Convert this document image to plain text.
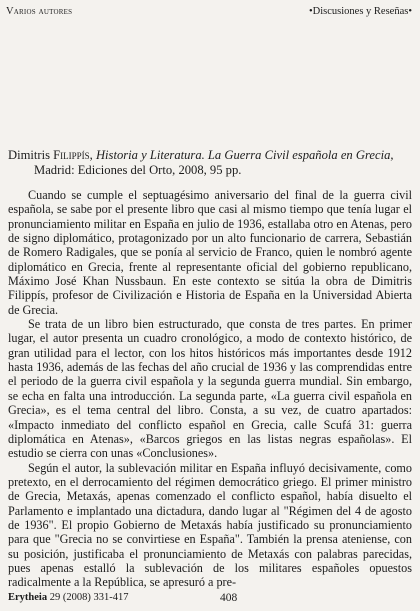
Varios autores	•Discusiones y Reseñas•
Dimitris Filippís, Historia y Literatura. La Guerra Civil española en Grecia,
Madrid: Ediciones del Orto, 2008, 95 pp.

Cuando se cumple el septuagésimo aniversario del final de la guerra civil española, se sabe por el presente libro que casi al mismo tiempo que tenía lugar el pronunciamiento militar en España en julio de 1936, estallaba otro en Atenas, pero de signo diplomático, protagonizado por un alto funcionario de carrera, Sebastián de Romero Radigales, que se ponía al servicio de Franco, quien le nombró agente diplomático en Grecia, frente al representante oficial del gobierno republicano, Máximo José Khan Nussbaun. En este contexto se sitúa la obra de Dimitris Filippís, profesor de Civilización e Historia de España en la Universidad Abierta de Grecia.

Se trata de un libro bien estructurado, que consta de tres partes. En primer lugar, el autor presenta un cuadro cronológico, a modo de contexto histórico, de gran utilidad para el lector, con los hitos históricos más importantes desde 1912 hasta 1936, además de las fechas del año crucial de 1936 y las comprendidas entre el periodo de la guerra civil española y la segunda guerra mundial. Sin embargo, se echa en falta una introducción. La segunda parte, «La guerra civil española en Grecia», es el tema central del libro. Consta, a su vez, de cuatro apartados: «Impacto inmediato del conflicto español en Grecia, calle Scufá 31: guerra diplomática en Atenas», «Barcos griegos en las listas negras españolas». El estudio se cierra con unas «Conclusiones».

Según el autor, la sublevación militar en España influyó decisivamente, como pretexto, en el derrocamiento del régimen democrático griego. El primer ministro de Grecia, Metaxás, apenas comenzado el conflicto español, había disuelto el Parlamento e implantado una dictadura, dando lugar al "Régimen del 4 de agosto de 1936". El propio Gobierno de Metaxás había justificado su pronunciamiento para que "Grecia no se convirtiese en España". También la prensa ateniense, con su posición, justificaba el pronunciamiento de Metaxás con palabras parecidas, pues apenas estalló la sublevación de los militares españoles opuestos radicalmente a la República, se apresuró a pre-

Erytheia 29 (2008) 331-417	408
